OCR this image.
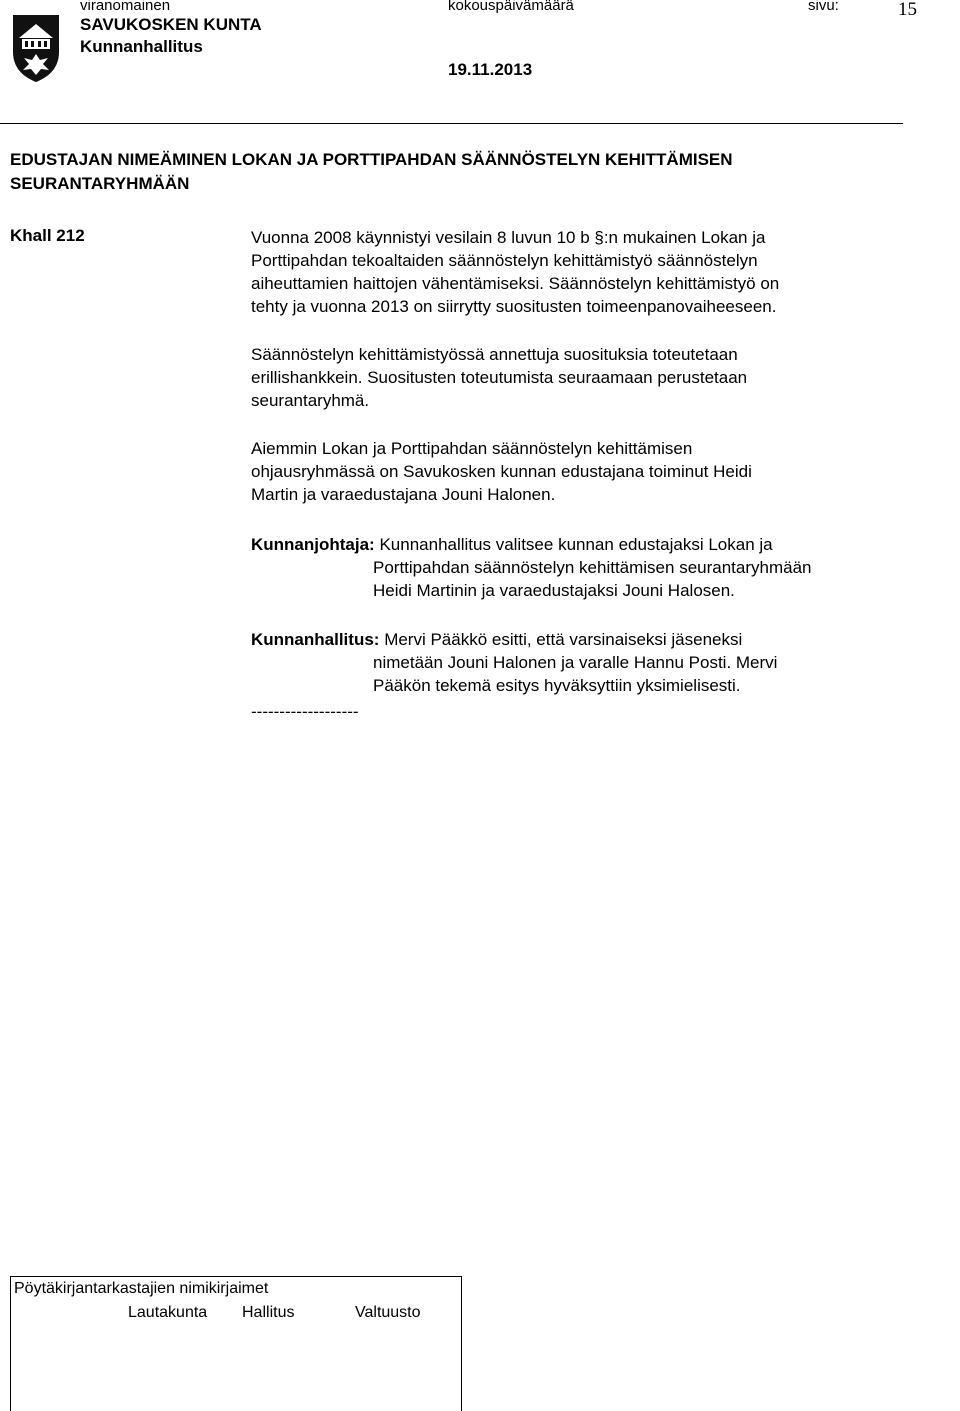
viranomainen	kokouspäivämäärä	sivu:	15
SAVUKOSKEN KUNTA
Kunnanhallitus
19.11.2013
EDUSTAJAN NIMEÄMINEN LOKAN JA PORTTIPAHDAN SÄÄNNÖSTELYN KEHITTÄMISEN
SEURANTARYHMÄÄN
Khall 212	Vuonna 2008 käynnistyi vesilain 8 luvun 10 b §:n mukainen Lokan ja
Porttipahdan tekoaltaiden säännöstelyn kehittämistyö säännöstelyn
aiheuttamien haittojen vähentämiseksi. Säännöstelyn kehittämistyö on
tehty ja vuonna 2013 on siirrytty suositusten toimeenpanovaiheeseen.
Säännöstelyn kehittämistyössä annettuja suosituksia toteutetaan
erillishankkein. Suositusten toteutumista seuraamaan perustetaan
seurantaryhmä.
Aiemmin Lokan ja Porttipahdan säännöstelyn kehittämisen
ohjausryhmässä on Savukosken kunnan edustajana toiminut Heidi
Martin ja varaedustajana Jouni Halonen.
Kunnanjohtaja: Kunnanhallitus valitsee kunnan edustajaksi Lokan ja
Porttipahdan säännöstelyn kehittämisen seurantaryhmään
Heidi Martinin ja varaedustajaksi Jouni Halosen.
Kunnanhallitus: Mervi Pääkkö esitti, että varsinaiseksi jäseneksi
nimetään Jouni Halonen ja varalle Hannu Posti. Mervi
Pääkön tekemä esitys hyväksyttiin yksimielisesti.
-------------------
Pöytäkirjantarkastajien nimikirjaimet
Lautakunta Hallitus	Valtuusto
